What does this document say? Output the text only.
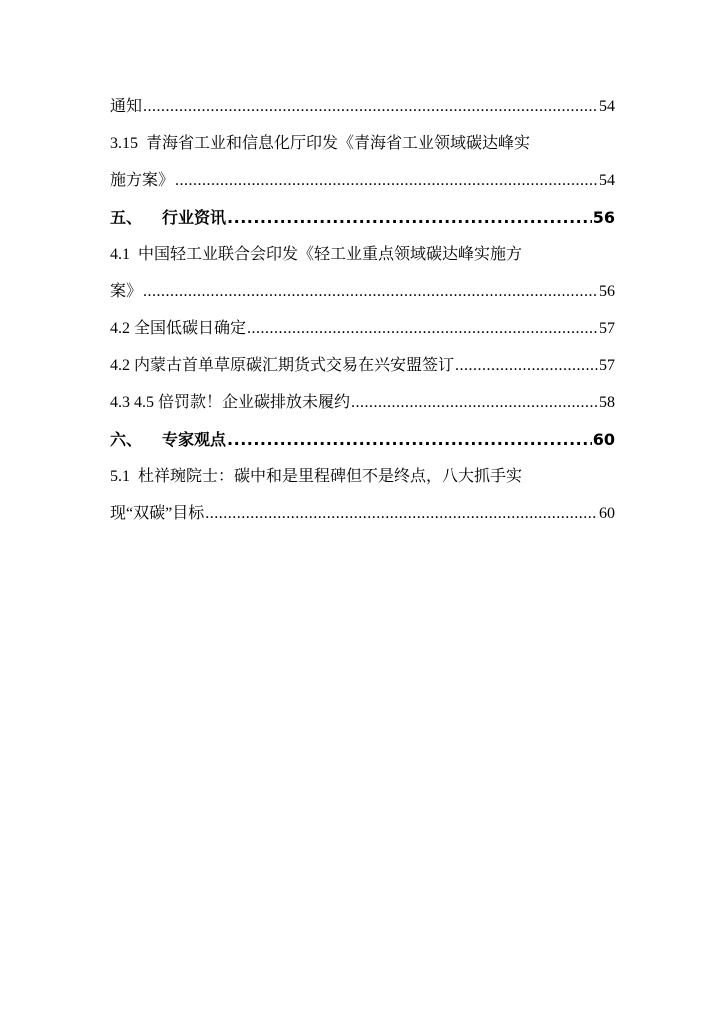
通知 .....	54
3.15 青海省工业和信息化厅印发《青海省工业领域碳达峰实
施方案》 .....	54
五、 行业资讯 .....	56
4.1 中国轻工业联合会印发《轻工业重点领域碳达峰实施方
案》 .....	56
4.2 全国低碳日确定 .....	57
4.2 内蒙古首单草原碳汇期货式交易在兴安盟签订 .....	57
4.3 4.5 倍罚款！企业碳排放未履约 .....	58
六、 专家观点 .....	60
5.1 杜祥琬院士：碳中和是里程碑但不是终点，八大抓手实
现“双碳”目标 .....	60
